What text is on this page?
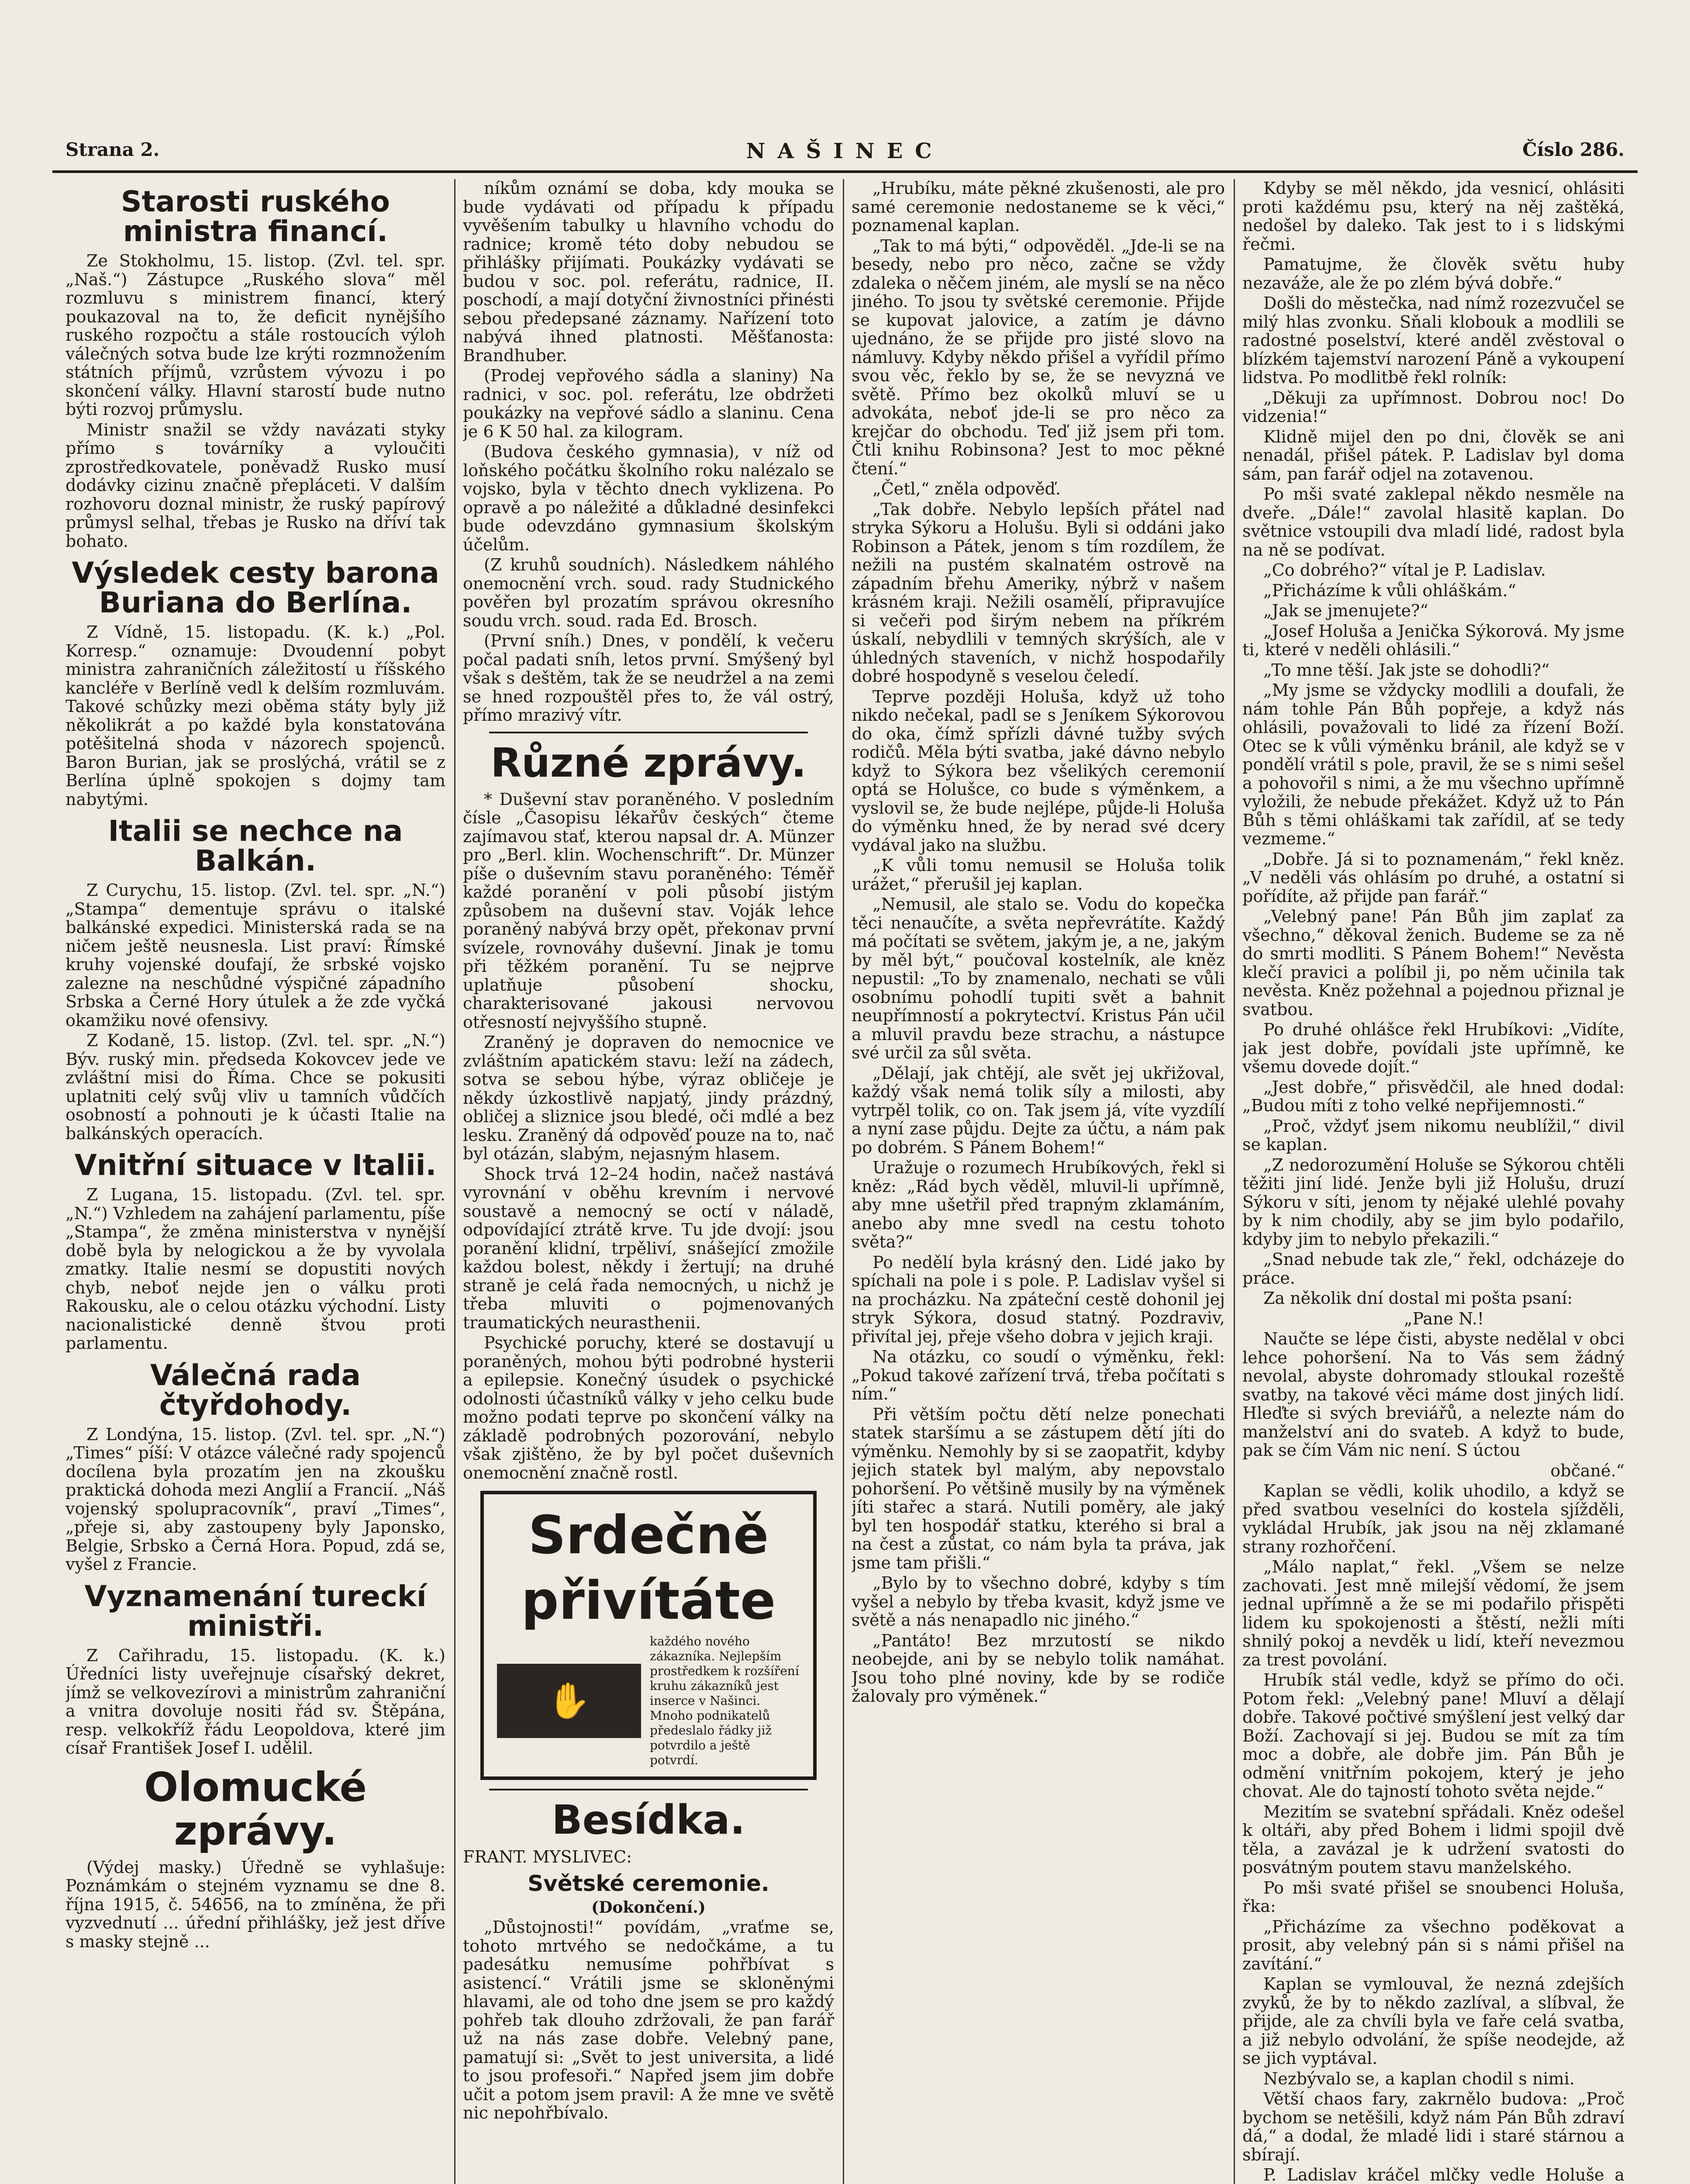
Strana 2.	NAŠINEC	Číslo 286.
Starosti ruského ministra financí.

Ze Stokholmu, 15. listop. (Zvl. tel. spr. „Naš.“) Zástupce „Ruského slova“ měl rozmluvu s ministrem financí, který poukazoval na to, že deficit nynějšího ruského rozpočtu a stále rostoucích výloh válečných sotva bude lze krýti rozmnožením státních příjmů, vzrůstem vývozu i po skončení války. Hlavní starostí bude nutno býti rozvoj průmyslu.

Ministr snažil se vždy navázati styky přímo s továrníky a vyloučiti zprostředkovatele, poněvadž Rusko musí dodávky cizinu značně přepláceti. V dalším rozhovoru doznal ministr, že ruský papírový průmysl selhal, třebas je Rusko na dříví tak bohato.

Výsledek cesty barona Buriana do Berlína.

Z Vídně, 15. listopadu. (K. k.) „Pol. Korresp.“ oznamuje: Dvoudenní pobyt ministra zahraničních záležitostí u říšského kancléře v Berlíně vedl k delším rozmluvám. Takové schůzky mezi oběma státy byly již několikrát a po každé byla konstatována potěšitelná shoda v názorech spojenců. Baron Burian, jak se proslýchá, vrátil se z Berlína úplně spokojen s dojmy tam nabytými.

Italii se nechce na Balkán.

Z Curychu, 15. listop. (Zvl. tel. spr. „N.“) „Stampa“ dementuje správu o italské balkánské expedici. Ministerská rada se na ničem ještě neusnesla. List praví: Římské kruhy vojenské doufají, že srbské vojsko zalezne na neschůdné výspičné západního Srbska a Černé Hory útulek a že zde vyčká okamžiku nové ofensivy.

Z Kodaně, 15. listop. (Zvl. tel. spr. „N.“) Býv. ruský min. předseda Kokovcev jede ve zvláštní misi do Říma. Chce se pokusiti uplatniti celý svůj vliv u tamních vůdčích osobností a pohnouti je k účasti Italie na balkánských operacích.

Vnitřní situace v Italii.

Z Lugana, 15. listopadu. (Zvl. tel. spr. „N.“) Vzhledem na zahájení parlamentu, píše „Stampa“, že změna ministerstva v nynější době byla by nelogickou a že by vyvolala zmatky. Italie nesmí se dopustiti nových chyb, neboť nejde jen o válku proti Rakousku, ale o celou otázku východní. Listy nacionalistické denně štvou proti parlamentu.

Válečná rada čtyřdohody.

Z Londýna, 15. listop. (Zvl. tel. spr. „N.“) „Times“ píší: V otázce válečné rady spojenců docílena byla prozatím jen na zkoušku praktická dohoda mezi Anglií a Francií. „Náš vojenský spolupracovník“, praví „Times“, „přeje si, aby zastoupeny byly Japonsko, Belgie, Srbsko a Černá Hora. Popud, zdá se, vyšel z Francie.

Vyznamenání tureckí ministři.

Z Cařihradu, 15. listopadu. (K. k.) Úředníci listy uveřejnuje císařský dekret, jímž se velkovezírovi a ministrům zahraniční a vnitra dovoluje nositi řád sv. Štěpána, resp. velkokříž řádu Leopoldova, které jim císař František Josef I. udělil.

Olomucké zprávy.

(Výdej masky.) Úředně se vyhlašuje: Poznámkám o stejném vyznamu se dne 8. října 1915, č. 54656, na to zmíněna, že při vyzvednutí ... úřední přihlášky, jež jest dříve s masky stejně ...

níkům oznámí se doba, kdy mouka se bude vydávati od případu k případu vyvěšením tabulky u hlavního vchodu do radnice; kromě této doby nebudou se přihlášky přijímati. Poukázky vydávati se budou v soc. pol. referátu, radnice, II. poschodí, a mají dotyční živnostníci přinésti sebou předepsané záznamy. Nařízení toto nabývá ihned platnosti. Měšťanosta: Brandhuber.

(Prodej vepřového sádla a slaniny) Na radnici, v soc. pol. referátu, lze obdržeti poukázky na vepřové sádlo a slaninu. Cena je 6 K 50 hal. za kilogram.

(Budova českého gymnasia), v níž od loňského počátku školního roku nalézalo se vojsko, byla v těchto dnech vyklizena. Po opravě a po náležité a důkladné desinfekci bude odevzdáno gymnasium školským účelům.

(Z kruhů soudních). Následkem náhlého onemocnění vrch. soud. rady Studnického pověřen byl prozatím správou okresního soudu vrch. soud. rada Ed. Brosch.

(První sníh.) Dnes, v pondělí, k večeru počal padati sníh, letos první. Smýšený byl však s deštěm, tak že se neudržel a na zemi se hned rozpouštěl přes to, že vál ostrý, přímo mrazivý vítr.

Různé zprávy.

* Duševní stav poraněného. V posledním čísle „Časopisu lékařův českých“ čteme zajímavou stať, kterou napsal dr. A. Münzer pro „Berl. klin. Wochenschrift“. Dr. Münzer píše o duševním stavu poraněného: Téměř každé poranění v poli působí jistým způsobem na duševní stav. Voják lehce poraněný nabývá brzy opět, překonav první svízele, rovnováhy duševní. Jinak je tomu při těžkém poranění. Tu se nejprve uplatňuje působení shocku, charakterisované jakousi nervovou otřesností nejvyššího stupně.

Zraněný je dopraven do nemocnice ve zvláštním apatickém stavu: leží na zádech, sotva se sebou hýbe, výraz obličeje je někdy úzkostlivě napjatý, jindy prázdný, obličej a sliznice jsou bledé, oči mdlé a bez lesku. Zraněný dá odpověď pouze na to, nač byl otázán, slabým, nejasným hlasem.

Shock trvá 12–24 hodin, načež nastává vyrovnání v oběhu krevním i nervové soustavě a nemocný se octí v náladě, odpovídající ztrátě krve. Tu jde dvojí: jsou poranění klidní, trpěliví, snášející zmožile každou bolest, někdy i žertují; na druhé straně je celá řada nemocných, u nichž je třeba mluviti o pojmenovaných traumatických neurasthenii.

Psychické poruchy, které se dostavují u poraněných, mohou býti podrobné hysterii a epilepsie. Konečný úsudek o psychické odolnosti účastníků války v jeho celku bude možno podati teprve po skončení války na základě podrobných pozorování, nebylo však zjištěno, že by byl počet duševních onemocnění značně rostl.

Srdečně přivítáte
✋
každého nového zákazníka. Nejlepším prostředkem k rozšíření kruhu zákazníků jest inserce v Našinci. Mnoho podnikatelů předeslalo řádky již potvrdilo a ještě potvrdí.
Besídka.
FRANT. MYSLIVEC:
Světské ceremonie.
(Dokončení.)

„Důstojnosti!“ povídám, „vraťme se, tohoto mrtvého se nedočkáme, a tu padesátku nemusíme pohřbívat s asistencí.“ Vrátili jsme se skloněnými hlavami, ale od toho dne jsem se pro každý pohřeb tak dlouho zdržovali, že pan farář už na nás zase dobře. Velebný pane, pamatují si: „Svět to jest universita, a lidé to jsou profesoři.“ Napřed jsem jim dobře učit a potom jsem pravil: A že mne ve světě nic nepohřbívalo.

„Hrubíku, máte pěkné zkušenosti, ale pro samé ceremonie nedostaneme se k věci,“ poznamenal kaplan.

„Tak to má býti,“ odpověděl. „Jde-li se na besedy, nebo pro něco, začne se vždy zdaleka o něčem jiném, ale myslí se na něco jiného. To jsou ty světské ceremonie. Přijde se kupovat jalovice, a zatím je dávno ujednáno, že se přijde pro jisté slovo na námluvy. Kdyby někdo přišel a vyřídil přímo svou věc, řeklo by se, že se nevyzná ve světě. Přímo bez okolků mluví se u advokáta, neboť jde-li se pro něco za krejčar do obchodu. Teď již jsem při tom. Čtli knihu Robinsona? Jest to moc pěkné čtení.“

„Četl,“ zněla odpověď.

„Tak dobře. Nebylo lepších přátel nad stryka Sýkoru a Holušu. Byli si oddáni jako Robinson a Pátek, jenom s tím rozdílem, že nežili na pustém skalnatém ostrově na západním břehu Ameriky, nýbrž v našem krásném kraji. Nežili osamělí, připravujíce si večeři pod širým nebem na příkrém úskalí, nebydlili v temných skrýších, ale v úhledných staveních, v nichž hospodařily dobré hospodyně s veselou čeledí.

Teprve později Holuša, když už toho nikdo nečekal, padl se s Jeníkem Sýkorovou do oka, čímž spřízli dávné tužby svých rodičů. Měla býti svatba, jaké dávno nebylo když to Sýkora bez všelikých ceremonií optá se Holušce, co bude s výměnkem, a vyslovil se, že bude nejlépe, půjde-li Holuša do výměnku hned, že by nerad své dcery vydával jako na službu.

„K vůli tomu nemusil se Holuša tolik urážet,“ přerušil jej kaplan.

„Nemusil, ale stalo se. Vodu do kopečka těci nenaučíte, a světa nepřevrátíte. Každý má počítati se světem, jakým je, a ne, jakým by měl být,“ poučoval kostelník, ale kněz nepustil: „To by znamenalo, nechati se vůli osobnímu pohodlí tupiti svět a bahnit neupřímností a pokrytectví. Kristus Pán učil a mluvil pravdu beze strachu, a nástupce své určil za sůl světa.

„Dělají, jak chtějí, ale svět jej ukřižoval, každý však nemá tolik síly a milosti, aby vytrpěl tolik, co on. Tak jsem já, víte vyzdílí a nyní zase půjdu. Dejte za účtu, a nám pak po dobrém. S Pánem Bohem!“

Uražuje o rozumech Hrubíkových, řekl si kněz: „Rád bych věděl, mluvil-li upřímně, aby mne ušetřil před trapným zklamáním, anebo aby mne svedl na cestu tohoto světa?“

Po nedělí byla krásný den. Lidé jako by spíchali na pole i s pole. P. Ladislav vyšel si na procházku. Na zpáteční cestě dohonil jej stryk Sýkora, dosud statný. Pozdraviv, přivítal jej, přeje všeho dobra v jejich kraji.

Na otázku, co soudí o výměnku, řekl: „Pokud takové zařízení trvá, třeba počítati s ním.“

Při větším počtu dětí nelze ponechati statek staršímu a se zástupem dětí jíti do výměnku. Nemohly by si se zaopatřit, kdyby jejich statek byl malým, aby nepovstalo pohoršení. Po většině musily by na výměnek jíti stařec a stará. Nutili poměry, ale jaký byl ten hospodář statku, kterého si bral a na čest a zůstat, co nám byla ta práva, jak jsme tam přišli.“

„Bylo by to všechno dobré, kdyby s tím vyšel a nebylo by třeba kvasit, když jsme ve světě a nás nenapadlo nic jiného.“

„Pantáto! Bez mrzutostí se nikdo neobejde, ani by se nebylo tolik namáhat. Jsou toho plné noviny, kde by se rodiče žalovaly pro výměnek.“

Kdyby se měl někdo, jda vesnicí, ohlásiti proti každému psu, který na něj zaštěká, nedošel by daleko. Tak jest to i s lidskými řečmi.

Pamatujme, že člověk světu huby nezaváže, ale že po zlém bývá dobře.“

Došli do městečka, nad nímž rozezvučel se milý hlas zvonku. Sňali klobouk a modlili se radostné poselství, které anděl zvěstoval o blízkém tajemství narození Páně a vykoupení lidstva. Po modlitbě řekl rolník:

„Děkuji za upřímnost. Dobrou noc! Do vidzenia!“

Klidně mijel den po dni, člověk se ani nenadál, přišel pátek. P. Ladislav byl doma sám, pan farář odjel na zotavenou.

Po mši svaté zaklepal někdo nesměle na dveře. „Dále!“ zavolal hlasitě kaplan. Do světnice vstoupili dva mladí lidé, radost byla na ně se podívat.

„Co dobrého?“ vítal je P. Ladislav.

„Přicházíme k vůli ohláškám.“

„Jak se jmenujete?“

„Josef Holuša a Jenička Sýkorová. My jsme ti, které v neděli ohlásili.“

„To mne těší. Jak jste se dohodli?“

„My jsme se vždycky modlili a doufali, že nám tohle Pán Bůh popřeje, a když nás ohlásili, považovali to lidé za řízení Boží. Otec se k vůli výměnku bránil, ale když se v pondělí vrátil s pole, pravil, že se s nimi sešel a pohovořil s nimi, a že mu všechno upřímně vyložili, že nebude překážet. Když už to Pán Bůh s těmi ohláškami tak zařídil, ať se tedy vezmeme.“

„Dobře. Já si to poznamenám,“ řekl kněz. „V neděli vás ohlásím po druhé, a ostatní si pořídíte, až přijde pan farář.“

„Velebný pane! Pán Bůh jim zaplať za všechno,“ děkoval ženich. Budeme se za ně do smrti modliti. S Pánem Bohem!“ Nevěsta klečí pravici a políbil ji, po něm učinila tak nevěsta. Kněz požehnal a pojednou přiznal je svatbou.

Po druhé ohlášce řekl Hrubíkovi: „Vidíte, jak jest dobře, povídali jste upřímně, ke všemu dovede dojít.“

„Jest dobře,“ přisvědčil, ale hned dodal: „Budou míti z toho velké nepřijemnosti.“

„Proč, vždyť jsem nikomu neublížil,“ divil se kaplan.

„Z nedorozumění Holuše se Sýkorou chtěli těžiti jiní lidé. Jenže byli již Holušu, druzí Sýkoru v síti, jenom ty nějaké ulehlé povahy by k nim chodily, aby se jim bylo podařilo, kdyby jim to nebylo překazili.“

„Snad nebude tak zle,“ řekl, odcházeje do práce.

Za několik dní dostal mi pošta psaní:

„Pane N.!

Naučte se lépe čisti, abyste nedělal v obci lehce pohoršení. Na to Vás sem žádný nevolal, abyste dohromady stloukal rozeště svatby, na takové věci máme dost jiných lidí. Hleďte si svých breviářů, a nelezte nám do manželství ani do svateb. A když to bude, pak se čím Vám nic není. S úctou

občané.“

Kaplan se vědli, kolik uhodilo, a když se před svatbou veselníci do kostela sjížděli, vykládal Hrubík, jak jsou na něj zklamané strany rozhořčení.

„Málo naplat,“ řekl. „Všem se nelze zachovati. Jest mně milejší vědomí, že jsem jednal upřímně a že se mi podařilo přispěti lidem ku spokojenosti a štěstí, nežli míti shnilý pokoj a nevděk u lidí, kteří nevezmou za trest povolání.

Hrubík stál vedle, když se přímo do oči. Potom řekl: „Velebný pane! Mluví a dělají dobře. Takové počtivé smýšlení jest velký dar Boží. Zachovají si jej. Budou se mít za tím moc a dobře, ale dobře jim. Pán Bůh je odmění vnitřním pokojem, který je jeho chovat. Ale do tajností tohoto světa nejde.“

Mezitím se svatební spřádali. Kněz odešel k oltáři, aby před Bohem i lidmi spojil dvě těla, a zavázal je k udržení svatosti do posvátným poutem stavu manželského.

Po mši svaté přišel se snoubenci Holuša, řka:

„Přicházíme za všechno poděkovat a prosit, aby velebný pán si s námi přišel na zavítání.“

Kaplan se vymlouval, že nezná zdejších zvyků, že by to někdo zazlíval, a slíbval, že přijde, ale za chvíli byla ve faře celá svatba, a již nebylo odvolání, že spíše neodejde, až se jich vyptával.

Nezbývalo se, a kaplan chodil s nimi.

Větší chaos fary, zakrnělo budova: „Proč bychom se netěšili, když nám Pán Bůh zdraví dá,“ a dodal, že mladé lidi i staré stárnou a sbírají.

P. Ladislav kráčel mlčky vedle Holuše a
